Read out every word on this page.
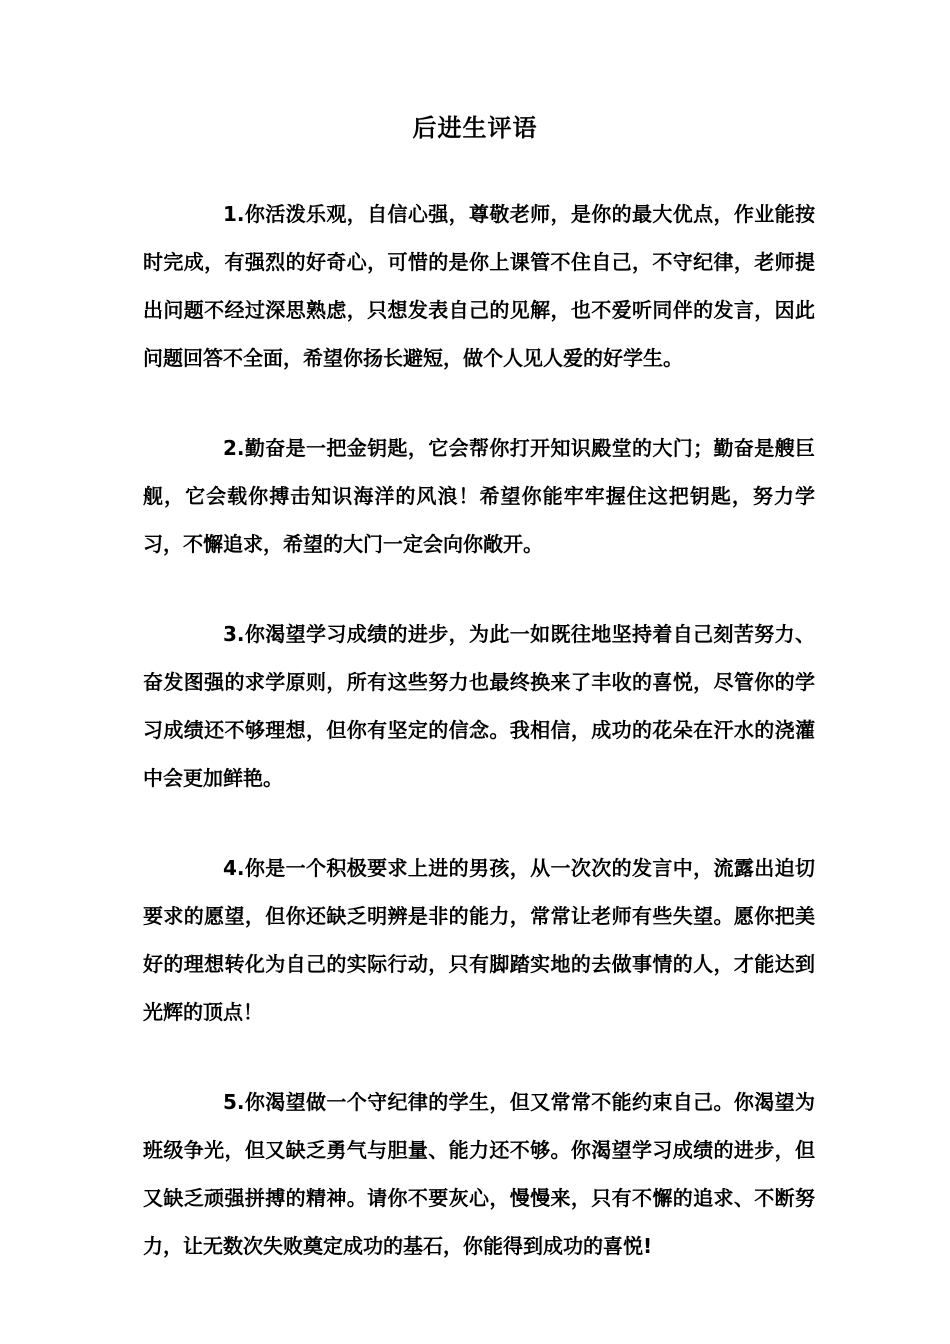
后进生评语

1.你活泼乐观，自信心强，尊敬老师，是你的最大优点，作业能按时完成，有强烈的好奇心，可惜的是你上课管不住自己，不守纪律，老师提出问题不经过深思熟虑，只想发表自己的见解，也不爱听同伴的发言，因此问题回答不全面，希望你扬长避短，做个人见人爱的好学生。

2.勤奋是一把金钥匙，它会帮你打开知识殿堂的大门；勤奋是艘巨舰，它会载你搏击知识海洋的风浪！希望你能牢牢握住这把钥匙，努力学习，不懈追求，希望的大门一定会向你敞开。

3.你渴望学习成绩的进步，为此一如既往地坚持着自己刻苦努力、奋发图强的求学原则，所有这些努力也最终换来了丰收的喜悦，尽管你的学习成绩还不够理想，但你有坚定的信念。我相信，成功的花朵在汗水的浇灌中会更加鲜艳。

4.你是一个积极要求上进的男孩，从一次次的发言中，流露出迫切要求的愿望，但你还缺乏明辨是非的能力，常常让老师有些失望。愿你把美好的理想转化为自己的实际行动，只有脚踏实地的去做事情的人，才能达到光辉的顶点！

5.你渴望做一个守纪律的学生，但又常常不能约束自己。你渴望为班级争光，但又缺乏勇气与胆量、能力还不够。你渴望学习成绩的进步，但又缺乏顽强拼搏的精神。请你不要灰心，慢慢来，只有不懈的追求、不断努力，让无数次失败奠定成功的基石，你能得到成功的喜悦!
